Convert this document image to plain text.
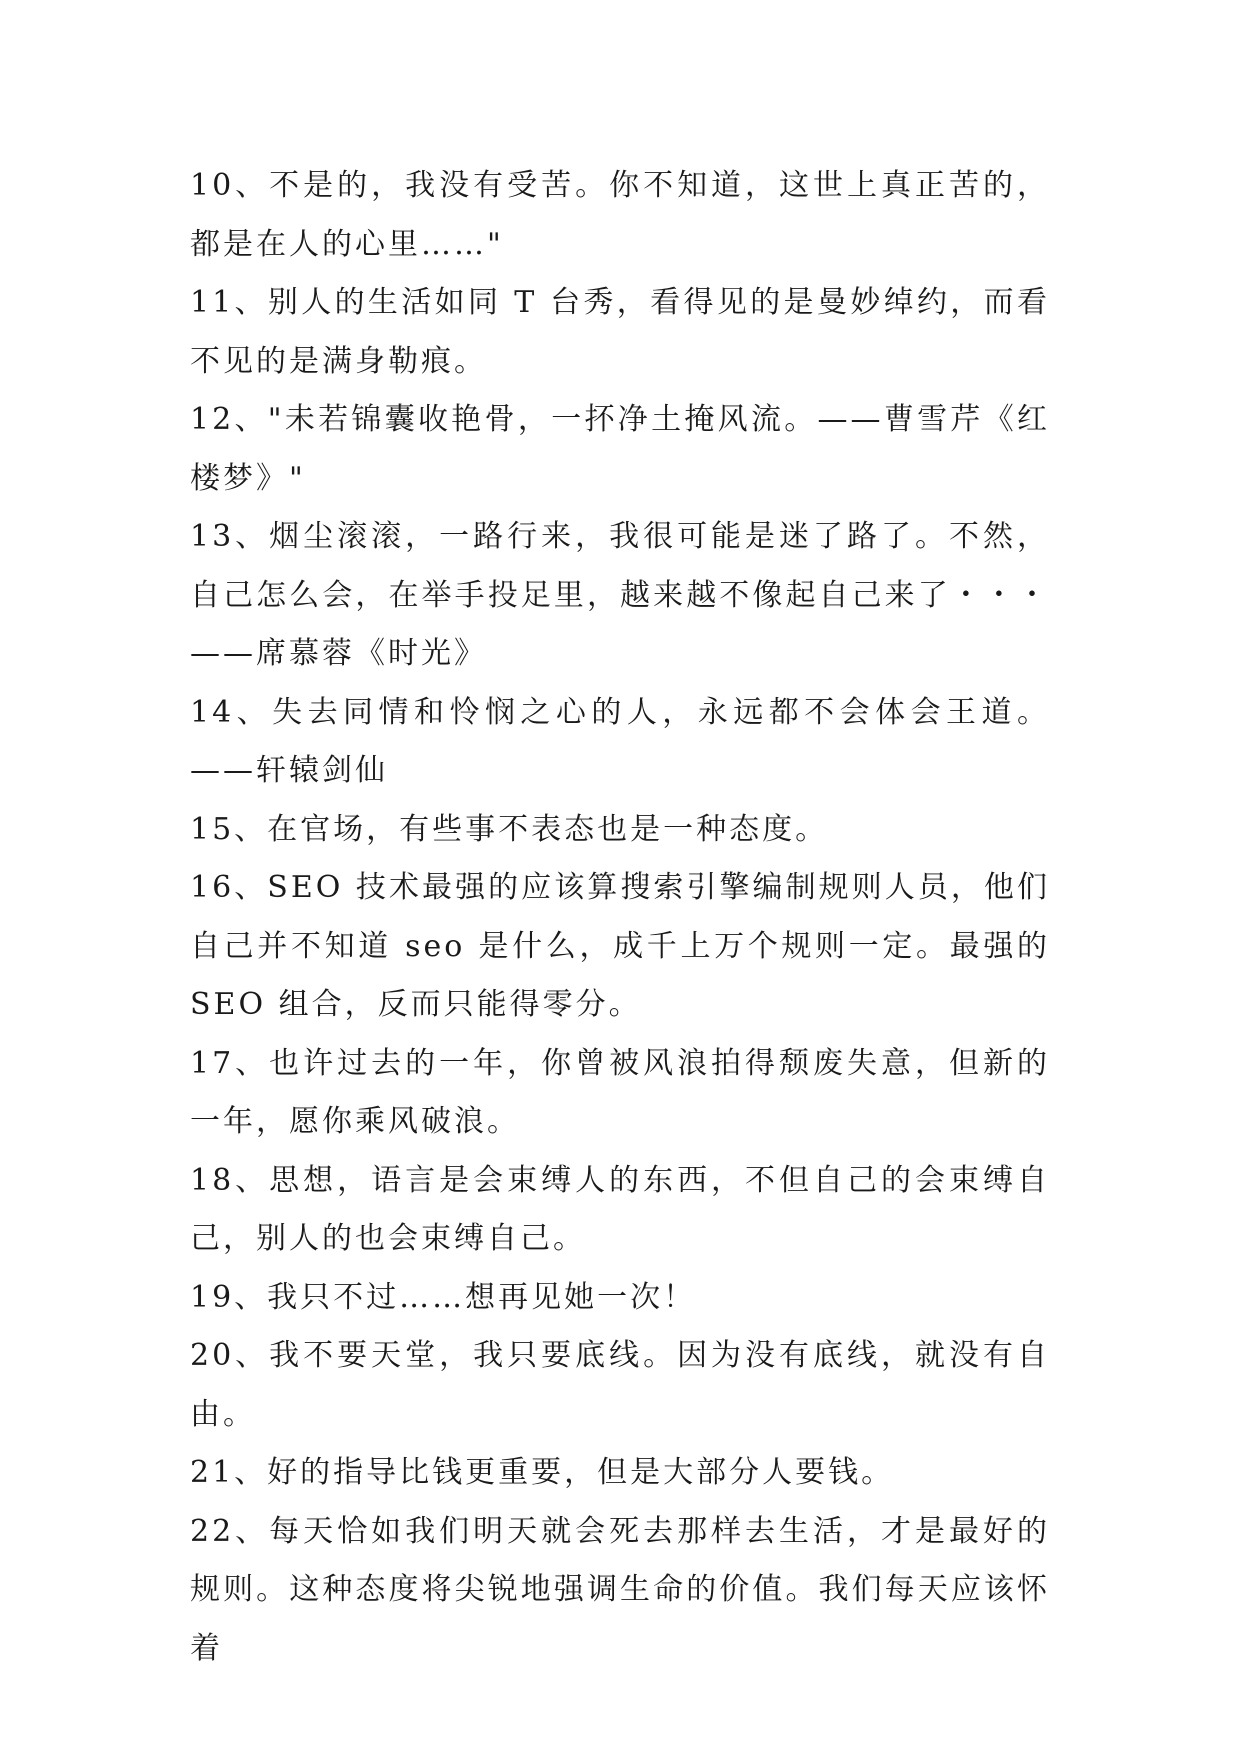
10、不是的，我没有受苦。你不知道，这世上真正苦的，都是在人的心里……"

11、别人的生活如同 T 台秀，看得见的是曼妙绰约，而看不见的是满身勒痕。

12、"未若锦囊收艳骨，一抔净土掩风流。——曹雪芹《红楼梦》"

13、烟尘滚滚，一路行来，我很可能是迷了路了。不然，自己怎么会，在举手投足里，越来越不像起自己来了・・・——席慕蓉《时光》

14、失去同情和怜悯之心的人，永远都不会体会王道。——轩辕剑仙

15、在官场，有些事不表态也是一种态度。

16、SEO 技术最强的应该算搜索引擎编制规则人员，他们自己并不知道 seo 是什么，成千上万个规则一定。最强的 SEO 组合，反而只能得零分。

17、也许过去的一年，你曾被风浪拍得颓废失意，但新的一年，愿你乘风破浪。

18、思想，语言是会束缚人的东西，不但自己的会束缚自己，别人的也会束缚自己。

19、我只不过……想再见她一次！

20、我不要天堂，我只要底线。因为没有底线，就没有自由。

21、好的指导比钱更重要，但是大部分人要钱。

22、每天恰如我们明天就会死去那样去生活，才是最好的规则。这种态度将尖锐地强调生命的价值。我们每天应该怀着
